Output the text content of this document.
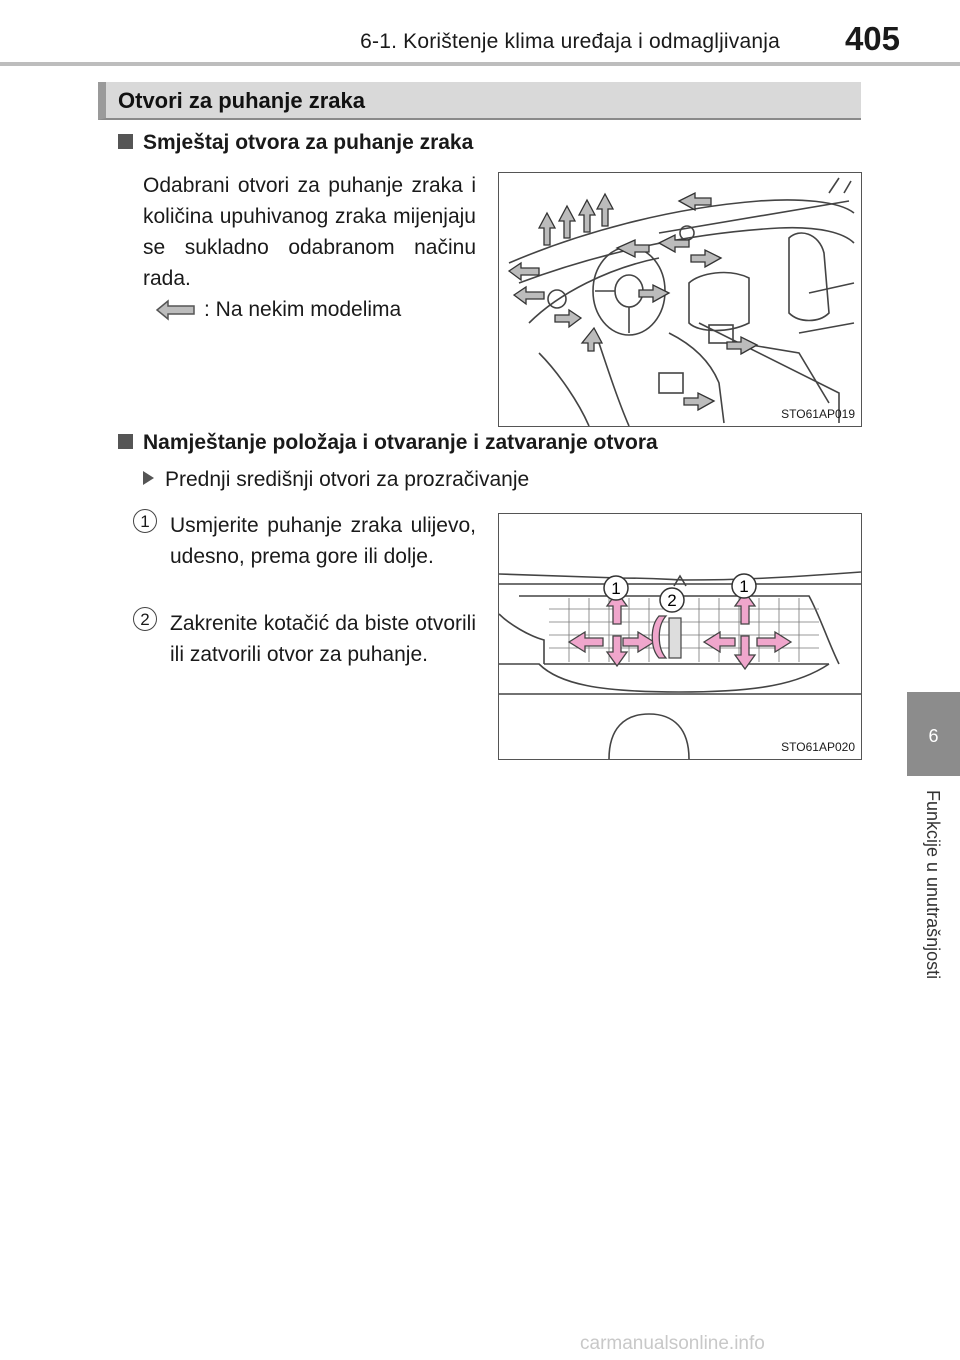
6-1. Korištenje klima uređaja i odmagljivanja	405
Otvori za puhanje zraka
Smještaj otvora za puhanje zraka
Odabrani otvori za puhanje zraka i količina upuhivanog zraka mijenjaju se sukladno odabranom načinu rada.
: Na nekim modelima
STO61AP019
Namještanje položaja i otvaranje i zatvaranje otvora
Prednji središnji otvori za prozračivanje
1 Usmjerite puhanje zraka ulijevo, udesno, prema gore ili dolje.
2 Zakrenite kotačić da biste otvorili ili zatvorili otvor za puhanje.
1
2
1
STO61AP020
6
Funkcije u unutrašnjosti
carmanualsonline.info
